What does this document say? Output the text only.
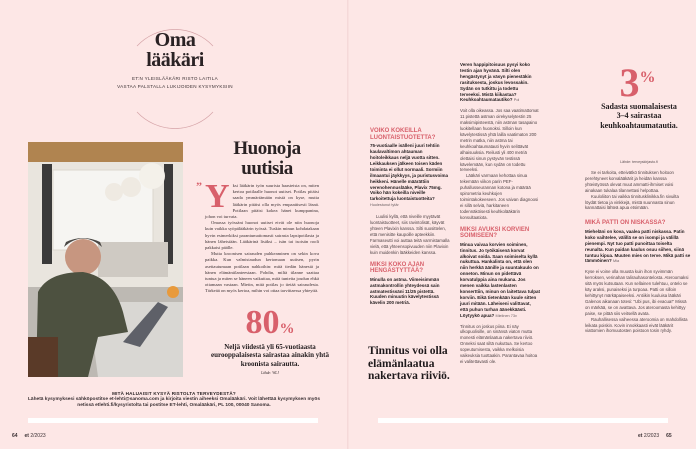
Oma
lääkäri
ET:N YLEISLÄÄKÄRI RISTO LAITILA
VASTAA PALSTALLA LUKIJOIDEN KYSYMYKSIIN
Huonoja
uutisia
” Y ksi lääkärin työn suurista haasteista on, miten kertoa potilaalle huonot uutiset. Potilas pitäisi saada ymmärtämään mistä on kyse, mutta lääkärin pitäisi olla myös empaattisesti läsnä. Potilaan pitäisi kokea hänet kumppanina, johon voi turvata.

Omassa työssäni huonot uutiset eivät ole niin huonoja kuin vaikka syöpälääkärin työssä. Tuskin minun kohdatakaan hyvin esimerkiksi parantumattomasti sairasta lapsipotilasta ja hänen läheisiään. Lääkärinä lisäksi – isän tai isoisän rooli pakkaisi päälle.

Mutta kroonisen sairauden puhkeaminen on sekin kova paikka. Kun valmistaudun kertomaan uutisen, pyrin asettautumaan potilaan nahkoihin: mitä tiedän hänestä ja hänen elämäntilanteestaan. Pohdin, miltä tilanne saattaa tuntua ja miten se häneen vaikuttaa, mitä tunteita joudun ehkä ottamaan vastaan. Mietin, mitä potilas jo tietää sairaudesta. Tärkeää on myös kertoa, mihin voi ottaa tarvittaessa yhteyttä.

80%
Neljä viidestä yli 65-vuotiaasta eurooppalaisesta sairastaa ainakin yhtä kroonista sairautta.
Lähde: WLJ
MITÄ HALUAISIT KYSYÄ RISTOLTA TERVEYDESTÄ?
Lähetä kysymyksesi sähköpostitse et-lehti@sanoma.com ja kirjoita viestin aiheeksi Omalääkäri. Voit lähettää kysymyksen myös netissä etlehti.fi/kysyristolta tai postitse ET-lehti, Omalääkäri, PL 100, 00040 Sanoma.
64 et 2/2023
VOIKO KOKEILLA LUONTAISTUOTETTA?
75-vuotiaalle isälleni juuri tehtiin kaulavaltimon ahtauman hoitoleikkaus neljä vuotta sitten. Leikkauksen jälkeen toisen käden toiminta ei ollut normaali. Sormiin ilmaantui jäykkyys, ja puristusvoima heikkeni. Hänelle määrättiin verenohennuslääke, Plavix 75mg. Voiko hän kokeilla niveille tarkoitettuja luontaistuotteita? Huolestunut tytär

Luulisi kyllä, että niveille myytävät luontaistuotteet, siis ravintolisät, käyvät yhteen Plavixin kanssa. Silti suosittelen, että menisitte kaupoille apteekkiin. Farmaseutti voi auttaa teitä varmistamalla vielä, että yhteensopivuuden niin Plavixin kuin muidenkin lääkkeiden kanssa.

MIKSI KOKO AJAN HENGÄSTYTTÄÄ?
Minulla on astma. Viimeisimmän astmakontrollin yhteydessä sain astmatestissäni 11/25 pistettä. Kuuden minuutin kävelytestissä kävelin 200 metriä.
Tinnitus voi olla elämänlaatua nakertava riiviö.
Veren happipitoisuus pysyi koko testin ajan hyvänä. Silti olen hengästynyt ja väsyn pienestäkin rasituksesta, joskus levossakin. Sydän on tutkittu ja todettu terveeksi. Mistä kiikastaa? Keuhkoahtaumatautiko? Pol

Voit olla oikeassa. Jos saa vaatimattomat 11 pistettä astman oirekyselytestin 25 maksimipisteestä, niin astman tasapaino luokitellaan huonoksi. Silloin kun kävelytestissä yhtä lailla vaatimaton 200 metrin matka, niin astma tai keuhkoahtaumatauti hyvin selittävät alhaisuuksia. Reilusti yli 400 metriä olettaisi sinun pystyvän testissä kävelemään, kun sydän on todettu terveeksi.

Lääkäri varmaan kehottaa sinua tekemään viikon parin PEF-puhallusseurannan kotona ja määrää spirometria keuhkojen toimintakokeeseen. Jos vaivan diagnoosi ei sillä selviä, harkitaneen todennäköisesti keuhkolääkärin konsultaatiota.

MIKSI AVUKSI KORVIEN SOIMISEEN?
Minua vaivaa korvien soiminen, tinnitus. Jo työikäisenä korvat alkoivat soida. Saan soimiselta kyllä nukuttua. Hankalinta on, että olen niin herkkä äänille ja suuntakuulo on onneton. Minun on pidettävä korvatulppia aina mukana. Jos menen vaikka lastenlasten konserttiin, minun on laitettava tulpat korviin. Eikä tietenkään kuule sitten juuri mitään. Läheiseni valittavat, että puhun turhan äänekkäästi. Löytyykö apua? Mielinen 73v

Tinnitus on joskus piina. Ei näy ulkopuolisille, on sinänsä viaton mutta monesti elämänlaatua nakertava riiviö. Onneksi saat siltä nukuttua. Se kertoo sopeutumisesta, vaikka melkoisia vaikeuksia tuottaakin. Parantavaa hoitoa ei valitettavasti ole.

3%
Sadasta suomalaisesta 3–4 sairastaa keuhkoahtaumatautia.
Lähde: terveyskirjasto.fi

Se ei tarkoita, etteivätkö tinnituksen hoitoon perehtyneet korvalääkärit ja heidän kanssa yhteistyössä olevat muut ammatti-ihmiset voisi ainakaan tukalaa tilannettasi helpottaa.

Kuuloliiton tai vaikka tinnitusklinikka.fin sivuilta löydät tietoa ja vinkkejä, mistä suunnasta sinun kannattaisi lähteä apua etsimään.

MIKÄ PATTI ON NISKASSA?
Mieheläni on kova, vaalea patti niskassa. Patin koko vaihtelee, välillä se on isompi ja välillä pienempi. Nyt tuo patti punoittaa toiselta reunalta. Kun paidan kaulus osuu siihen, siinä tuntuu kipua. Muuten mies on terve. Mikä patti se tämmöinen? Mia

Kyse ei voine olla muusta kuin ihon syvimmän kerroksen, verinahan talirauhasontelosta. Ateroomaksi sitä myös kutsutaan. Kun sellainen tulehtuu, ontelo se käy araksi, punaiseksi ja turpoaa. Patti on silloin kehittynyt märkäpaiseeksi. Antiikin kuuluisa lääkäri Galenos aikanaan totesi: "Ubi pus, ibi evacua!" Missä on märkää, se on avattava. Jos ateroomasta kehittyy paise, se pitää siis veitsellä avata.

Rauhallisessa vaiheessa ateroomia on mahdollista leikata poiskin. Kovin innokkaasti eivät lääkärit viattomien ihomuutosten poistoon tosin ryhdy.

et 2/2023 65
